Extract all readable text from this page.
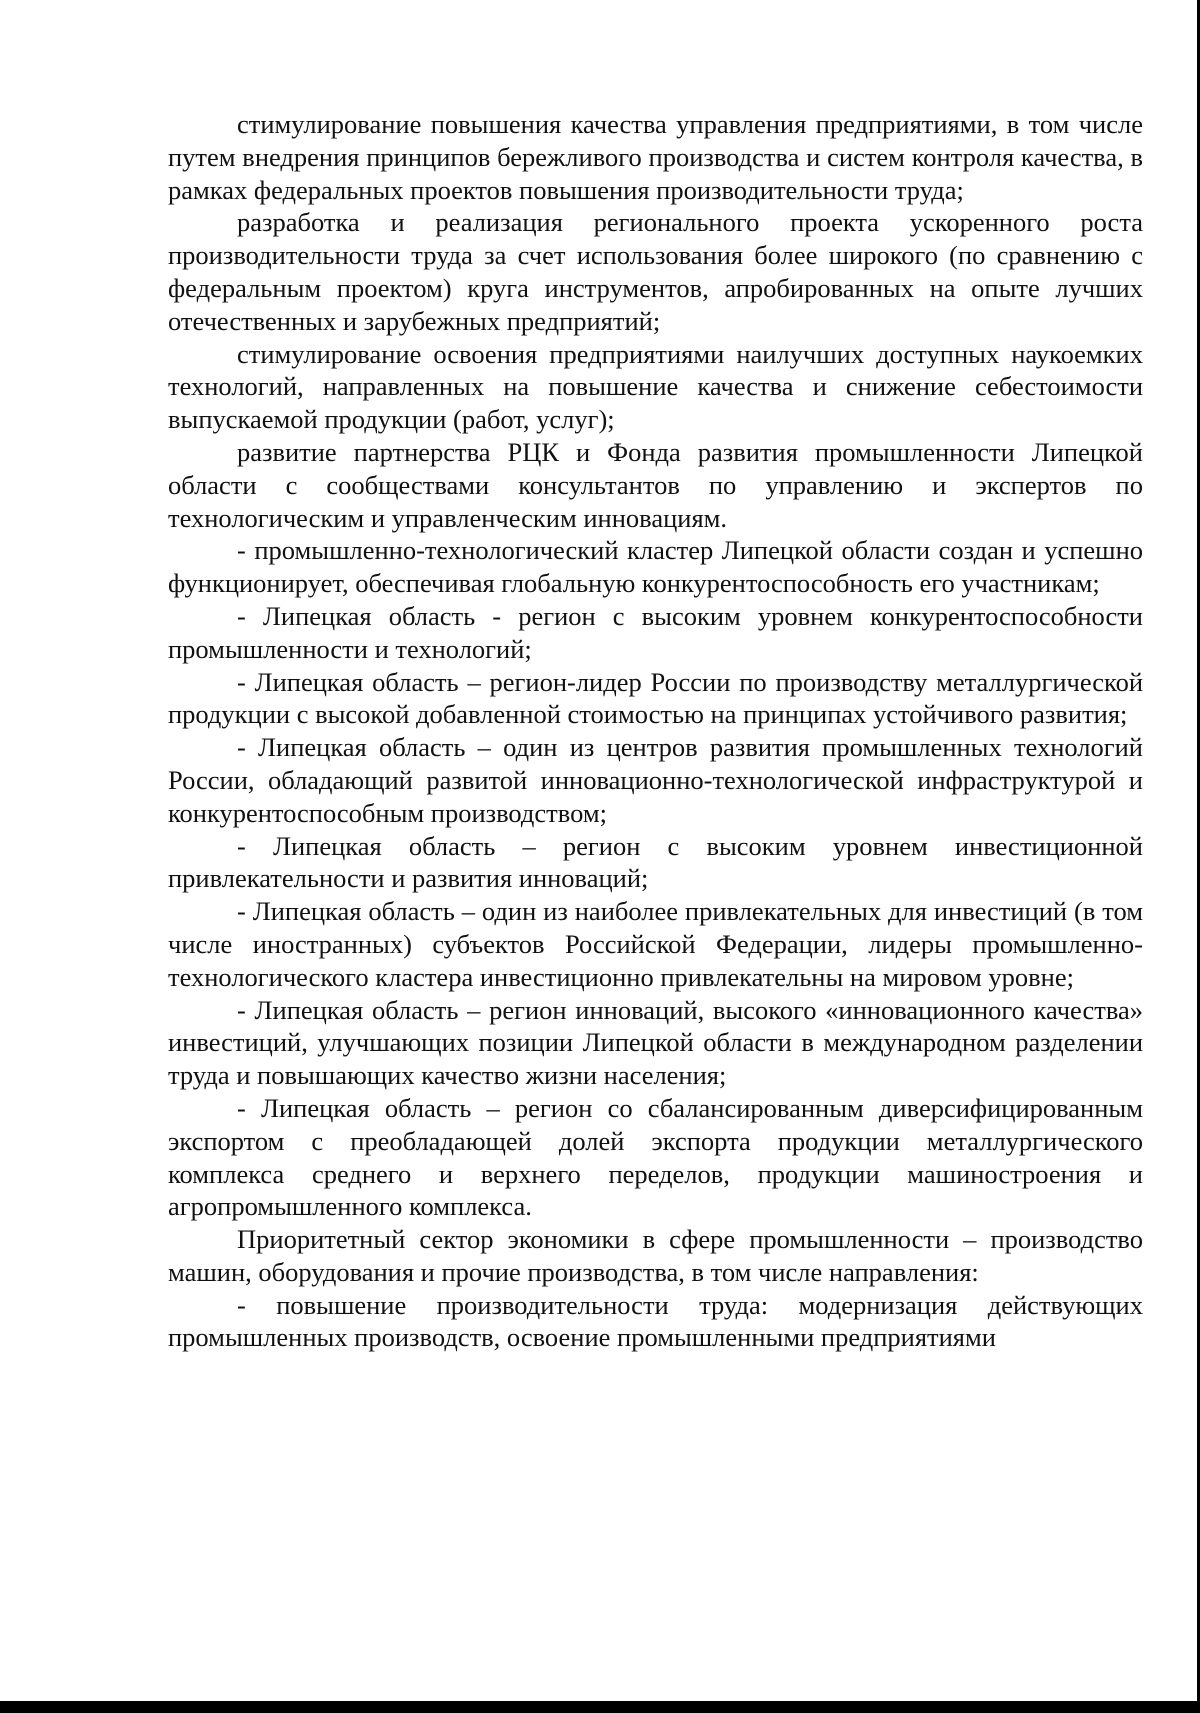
стимулирование повышения качества управления предприятиями, в том числе путем внедрения принципов бережливого производства и систем контроля качества, в рамках федеральных проектов повышения производительности труда;

разработка и реализация регионального проекта ускоренного роста производительности труда за счет использования более широкого (по сравнению с федеральным проектом) круга инструментов, апробированных на опыте лучших отечественных и зарубежных предприятий;

стимулирование освоения предприятиями наилучших доступных наукоемких технологий, направленных на повышение качества и снижение себестоимости выпускаемой продукции (работ, услуг);

развитие партнерства РЦК и Фонда развития промышленности Липецкой области с сообществами консультантов по управлению и экспертов по технологическим и управленческим инновациям.

- промышленно-технологический кластер Липецкой области создан и успешно функционирует, обеспечивая глобальную конкурентоспособность его участникам;

- Липецкая область - регион с высоким уровнем конкурентоспособности промышленности и технологий;

- Липецкая область – регион-лидер России по производству металлургической продукции с высокой добавленной стоимостью на принципах устойчивого развития;

- Липецкая область – один из центров развития промышленных технологий России, обладающий развитой инновационно-технологической инфраструктурой и конкурентоспособным производством;

- Липецкая область – регион с высоким уровнем инвестиционной привлекательности и развития инноваций;

- Липецкая область – один из наиболее привлекательных для инвестиций (в том числе иностранных) субъектов Российской Федерации, лидеры промышленно-технологического кластера инвестиционно привлекательны на мировом уровне;

- Липецкая область – регион инноваций, высокого «инновационного качества» инвестиций, улучшающих позиции Липецкой области в международном разделении труда и повышающих качество жизни населения;

- Липецкая область – регион со сбалансированным диверсифицированным экспортом с преобладающей долей экспорта продукции металлургического комплекса среднего и верхнего переделов, продукции машиностроения и агропромышленного комплекса.

Приоритетный сектор экономики в сфере промышленности – производство машин, оборудования и прочие производства, в том числе направления:

- повышение производительности труда: модернизация действующих промышленных производств, освоение промышленными предприятиями
